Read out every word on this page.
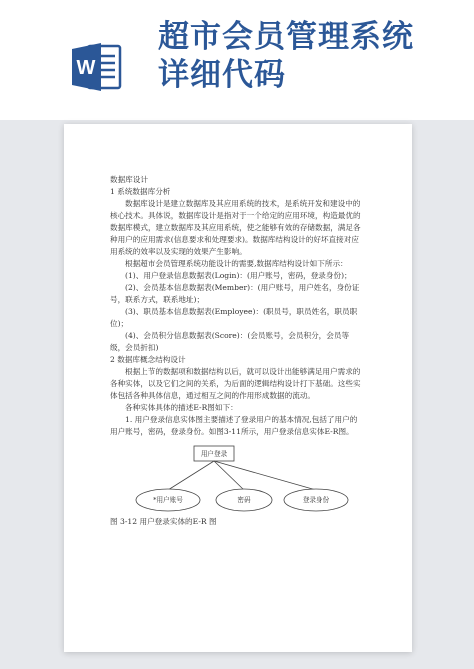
W
超市会员管理系统
详细代码

数据库设计

1 系统数据库分析

数据库设计是建立数据库及其应用系统的技术，是系统开发和建设中的核心技术。具体说，数据库设计是指对于一个给定的应用环境，构造最优的数据库模式，建立数据库及其应用系统，使之能够有效的存储数据，满足各种用户的应用需求(信息要求和处理要求)。数据库结构设计的好坏直接对应用系统的效率以及实现的效果产生影响。

根据超市会员管理系统功能设计的需要,数据库结构设计如下所示：

(1)、用户登录信息数据表(Login)：(用户账号，密码，登录身份)；

(2)、会员基本信息数据表(Member)：(用户账号，用户姓名，身份证号，联系方式，联系地址)；

(3)、职员基本信息数据表(Employee)：(职员号，职员姓名，职员职位)；

(4)、会员积分信息数据表(Score)：(会员账号，会员积分，会员等级，会员折扣)

2 数据库概念结构设计

根据上节的数据项和数据结构以后，就可以设计出能够满足用户需求的各种实体，以及它们之间的关系，为后面的逻辑结构设计打下基础。这些实体包括各种具体信息，通过相互之间的作用形成数据的流动。

各种实体具体的描述E-R图如下：

1. 用户登录信息实体图主要描述了登录用户的基本情况,包括了用户的用户账号，密码，登录身份。如图3-11所示，用户登录信息实体E-R图。

用户登录
*用户账号	密码	登录身份

图 3-12 用户登录实体的E-R 图
